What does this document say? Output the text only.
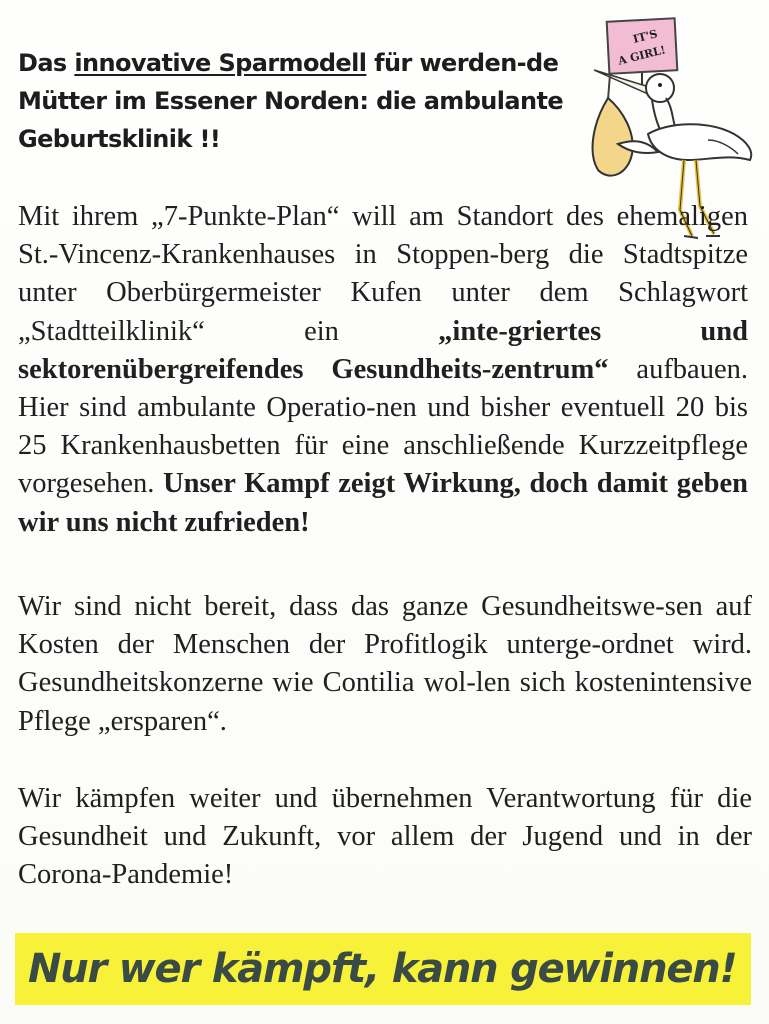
Das innovative Sparmodell für werden-de Mütter im Essener Norden: die ambulante Geburtsklinik !!
IT'S
A GIRL!

Mit ihrem „7-Punkte-Plan“ will am Standort des ehemaligen St.-Vincenz-Krankenhauses in Stoppen-berg die Stadtspitze unter Oberbürgermeister Kufen unter dem Schlagwort „Stadtteilklinik“ ein „inte-griertes und sektorenübergreifendes Gesundheits-zentrum“ aufbauen. Hier sind ambulante Operatio-nen und bisher eventuell 20 bis 25 Krankenhausbetten für eine anschließende Kurzzeitpflege vorgesehen. Unser Kampf zeigt Wirkung, doch damit geben wir uns nicht zufrieden!

Wir sind nicht bereit, dass das ganze Gesundheitswe-sen auf Kosten der Menschen der Profitlogik unterge-ordnet wird. Gesundheitskonzerne wie Contilia wol-len sich kostenintensive Pflege „ersparen“.

Wir kämpfen weiter und übernehmen Verantwortung für die Gesundheit und Zukunft, vor allem der Jugend und in der Corona-Pandemie!

Nur wer kämpft, kann gewinnen!
